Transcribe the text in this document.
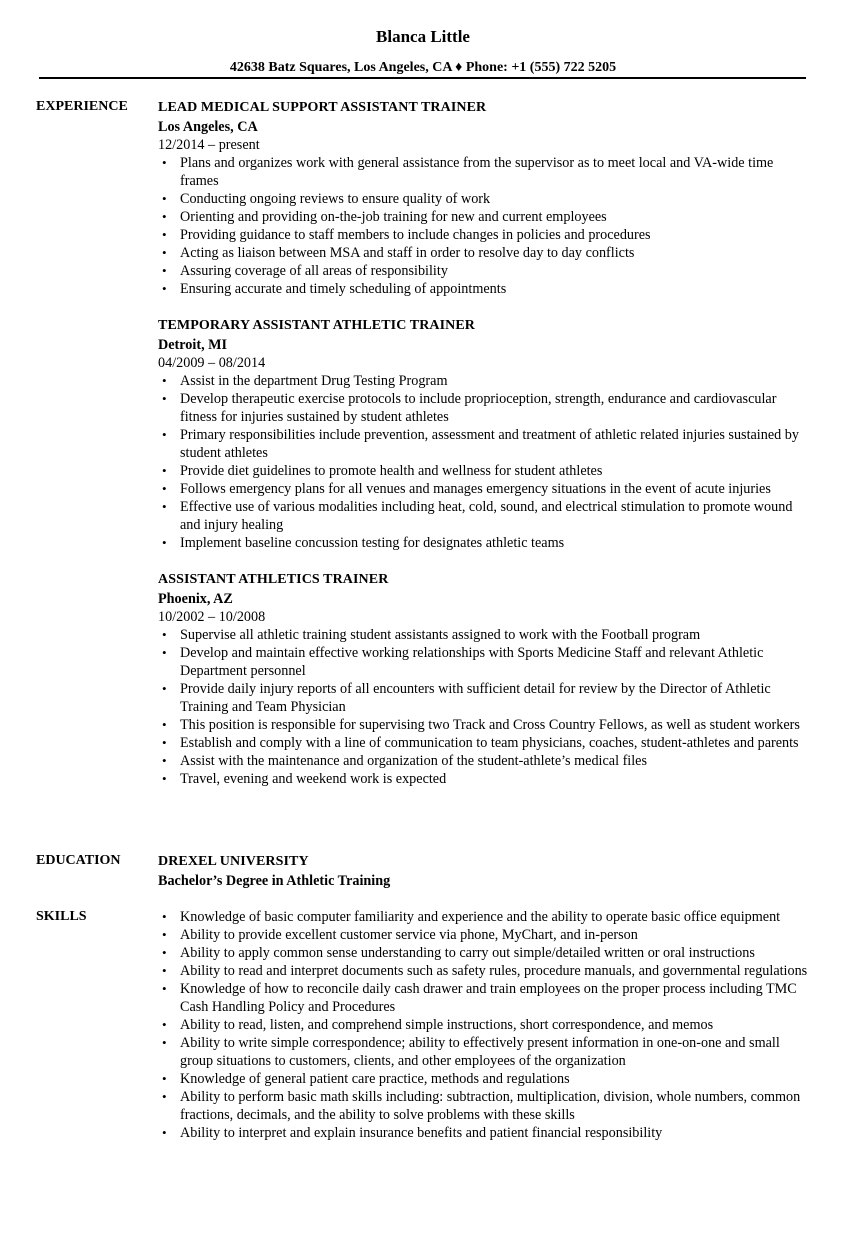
Blanca Little
42638 Batz Squares, Los Angeles, CA ♦ Phone: +1 (555) 722 5205
EXPERIENCE LEAD MEDICAL SUPPORT ASSISTANT TRAINER
Los Angeles, CA
12/2014 – present
• Plans and organizes work with general assistance from the supervisor as to meet local and VA-wide time frames
• Conducting ongoing reviews to ensure quality of work
• Orienting and providing on-the-job training for new and current employees
• Providing guidance to staff members to include changes in policies and procedures
• Acting as liaison between MSA and staff in order to resolve day to day conflicts
• Assuring coverage of all areas of responsibility
• Ensuring accurate and timely scheduling of appointments
TEMPORARY ASSISTANT ATHLETIC TRAINER
Detroit, MI
04/2009 – 08/2014
• Assist in the department Drug Testing Program
• Develop therapeutic exercise protocols to include proprioception, strength, endurance and cardiovascular fitness for injuries sustained by student athletes
• Primary responsibilities include prevention, assessment and treatment of athletic related injuries sustained by student athletes
• Provide diet guidelines to promote health and wellness for student athletes
• Follows emergency plans for all venues and manages emergency situations in the event of acute injuries
• Effective use of various modalities including heat, cold, sound, and electrical stimulation to promote wound and injury healing
• Implement baseline concussion testing for designates athletic teams
ASSISTANT ATHLETICS TRAINER
Phoenix, AZ
10/2002 – 10/2008
• Supervise all athletic training student assistants assigned to work with the Football program
• Develop and maintain effective working relationships with Sports Medicine Staff and relevant Athletic Department personnel
• Provide daily injury reports of all encounters with sufficient detail for review by the Director of Athletic Training and Team Physician
• This position is responsible for supervising two Track and Cross Country Fellows, as well as student workers
• Establish and comply with a line of communication to team physicians, coaches, student-athletes and parents
• Assist with the maintenance and organization of the student-athlete’s medical files
• Travel, evening and weekend work is expected
EDUCATION	DREXEL UNIVERSITY
Bachelor’s Degree in Athletic Training
SKILLS
•	Knowledge of basic computer familiarity and experience and the ability to operate basic office equipment
• Ability to provide excellent customer service via phone, MyChart, and in-person
• Ability to apply common sense understanding to carry out simple/detailed written or oral instructions
• Ability to read and interpret documents such as safety rules, procedure manuals, and governmental regulations
• Knowledge of how to reconcile daily cash drawer and train employees on the proper process including TMC Cash Handling Policy and Procedures
• Ability to read, listen, and comprehend simple instructions, short correspondence, and memos
• Ability to write simple correspondence; ability to effectively present information in one-on-one and small group situations to customers, clients, and other employees of the organization
• Knowledge of general patient care practice, methods and regulations
• Ability to perform basic math skills including: subtraction, multiplication, division, whole numbers, common fractions, decimals, and the ability to solve problems with these skills
• Ability to interpret and explain insurance benefits and patient financial responsibility
